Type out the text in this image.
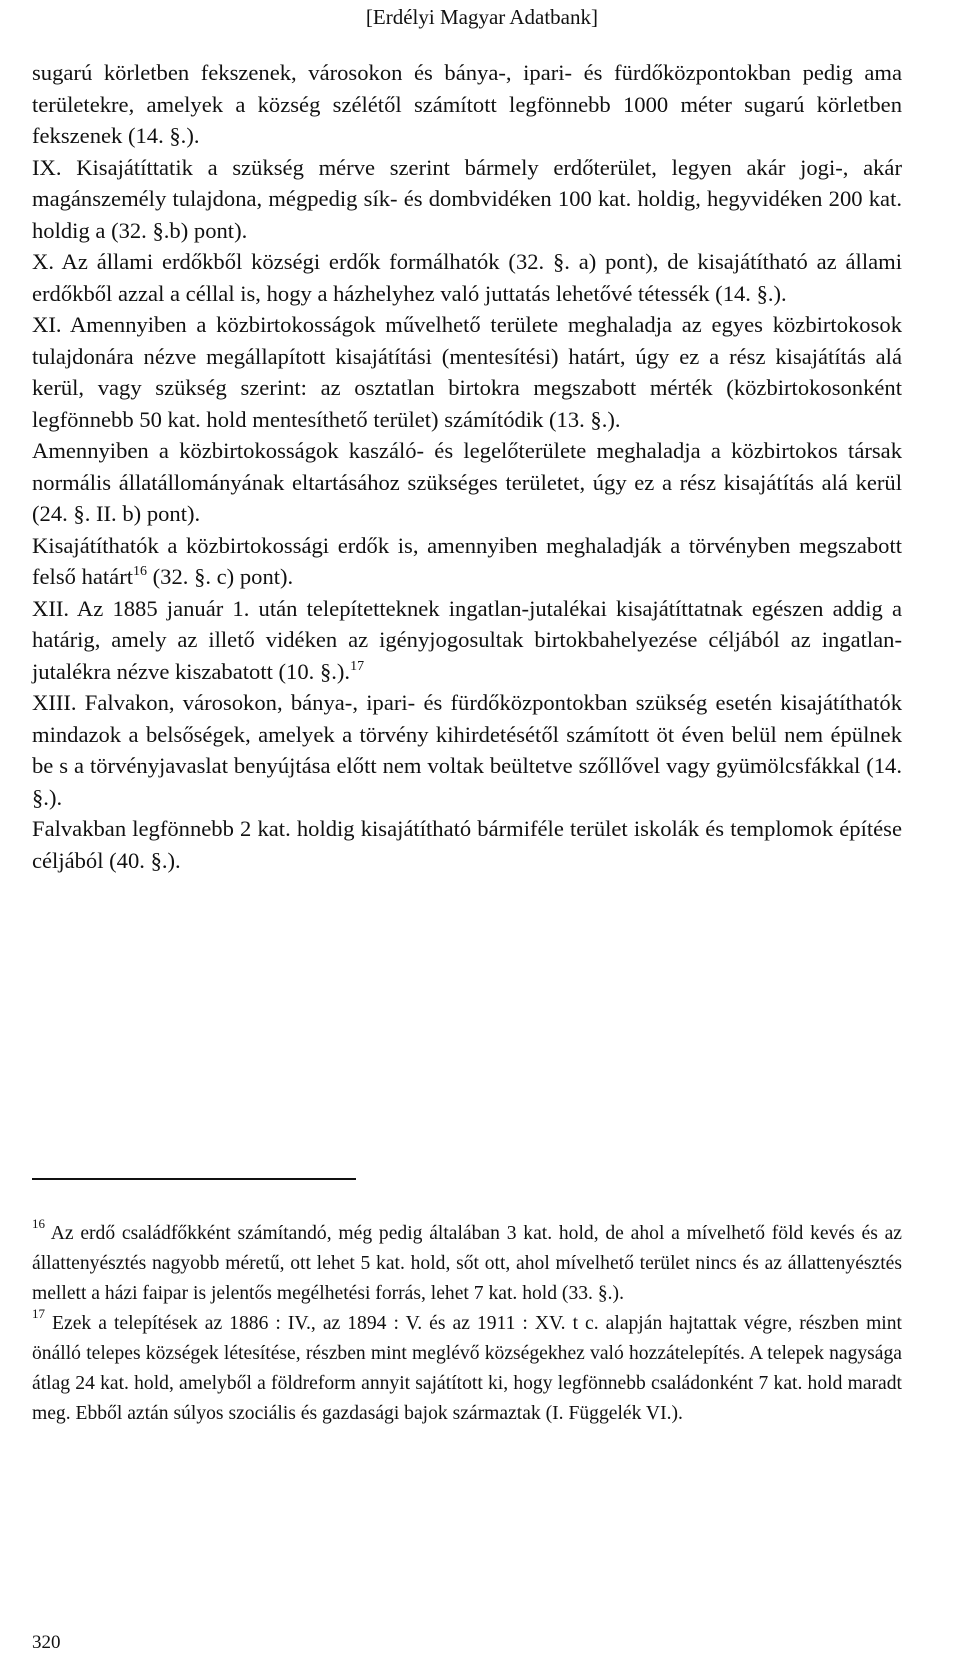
[Erdélyi Magyar Adatbank]

sugarú körletben fekszenek, városokon és bánya-, ipari- és fürdőközpontokban pedig ama területekre, amelyek a község szélétől számított legfönnebb 1000 méter sugarú körletben fekszenek (14. §.).

IX. Kisajátíttatik a szükség mérve szerint bármely erdőterület, legyen akár jogi-, akár magánszemély tulajdona, mégpedig sík- és dombvidéken 100 kat. holdig, hegyvidéken 200 kat. holdig a (32. §.b) pont).

X. Az állami erdőkből községi erdők formálhatók (32. §. a) pont), de kisajátítható az állami erdőkből azzal a céllal is, hogy a házhelyhez való juttatás lehetővé tétessék (14. §.).

XI. Amennyiben a közbirtokosságok művelhető területe meghaladja az egyes közbirtokosok tulajdonára nézve megállapított kisajátítási (mentesítési) határt, úgy ez a rész kisajátítás alá kerül, vagy szükség szerint: az osztatlan birtokra megszabott mérték (közbirtokosonként legfönnebb 50 kat. hold mentesíthető terület) számítódik (13. §.).

Amennyiben a közbirtokosságok kaszáló- és legelőterülete meghaladja a közbirtokos társak normális állatállományának eltartásához szükséges területet, úgy ez a rész kisajátítás alá kerül (24. §. II. b) pont).

Kisajátíthatók a közbirtokossági erdők is, amennyiben meghaladják a törvényben megszabott felső határt$^{16}$ (32. §. c) pont).

XII. Az 1885 január 1. után telepítetteknek ingatlan-jutalékai kisajátíttatnak egészen addig a határig, amely az illető vidéken az igényjogosultak birtokbahelyezése céljából az ingatlan-jutalékra nézve kiszabatott (10. §.).$^{17}$

XIII. Falvakon, városokon, bánya-, ipari- és fürdőközpontokban szükség esetén kisajátíthatók mindazok a belsőségek, amelyek a törvény kihirdetésétől számított öt éven belül nem épülnek be s a törvényjavaslat benyújtása előtt nem voltak beültetve szőllővel vagy gyümölcsfákkal (14. §.).

Falvakban legfönnebb 2 kat. holdig kisajátítható bármiféle terület iskolák és templomok építése céljából (40. §.).

$^{16}$ Az erdő családfőkként számítandó, még pedig általában 3 kat. hold, de ahol a mívelhető föld kevés és az állattenyésztés nagyobb méretű, ott lehet 5 kat. hold, sőt ott, ahol mívelhető terület nincs és az állattenyésztés mellett a házi faipar is jelentős megélhetési forrás, lehet 7 kat. hold (33. §.).

$^{17}$ Ezek a telepítések az 1886 : IV., az 1894 : V. és az 1911 : XV. t c. alapján hajtattak végre, részben mint önálló telepes községek létesítése, részben mint meglévő községekhez való hozzátelepítés. A telepek nagysága átlag 24 kat. hold, amelyből a földreform annyit sajátított ki, hogy legfönnebb családonként 7 kat. hold maradt meg. Ebből aztán súlyos szociális és gazdasági bajok származtak (I. Függelék VI.).

320
